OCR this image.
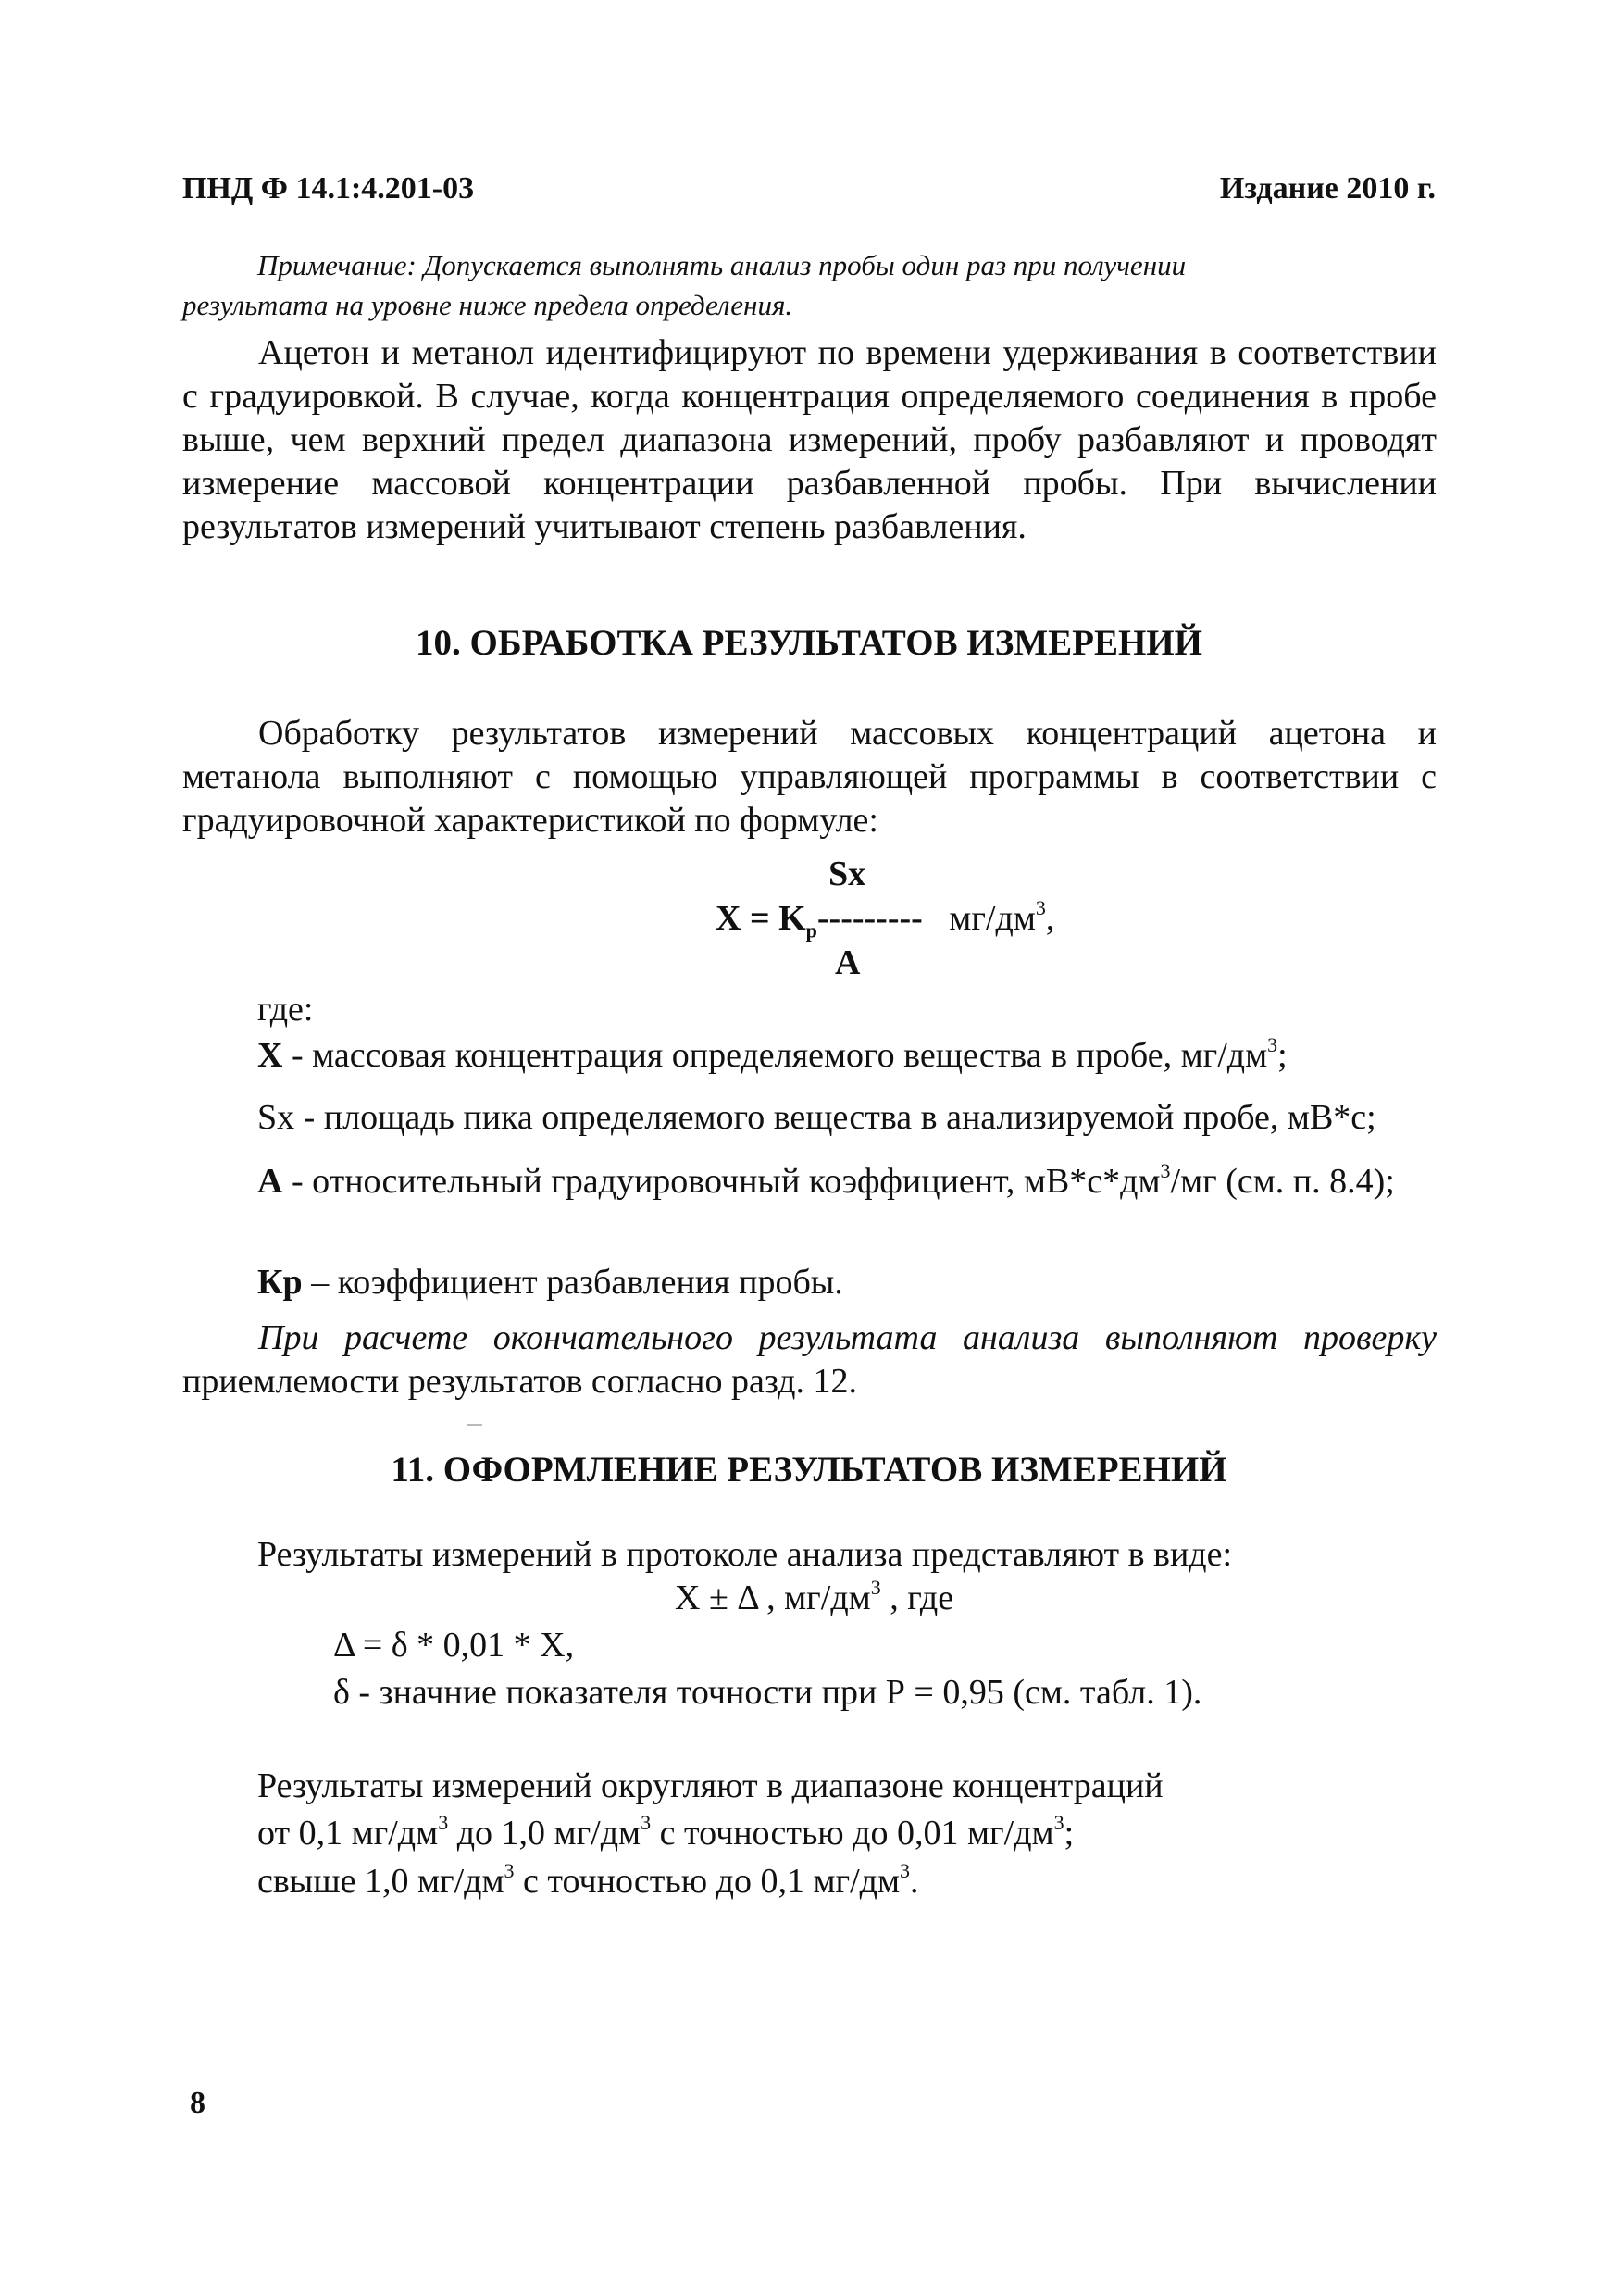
ПНД Ф 14.1:4.201-03	Издание 2010 г.
Примечание: Допускается выполнять анализ пробы один раз при получении
результата на уровне ниже предела определения.
Ацетон и метанол идентифицируют по времени удерживания в соответствии с градуировкой. В случае, когда концентрация определяемого соединения в пробе выше, чем верхний предел диапазона измерений, пробу разбавляют и проводят измерение массовой концентрации разбавленной пробы. При вычислении результатов измерений учитывают степень разбавления.
10. ОБРАБОТКА РЕЗУЛЬТАТОВ ИЗМЕРЕНИЙ
Обработку результатов измерений массовых концентраций ацетона и метанола выполняют с помощью управляющей программы в соответствии с градуировочной характеристикой по формуле:
Sx
$X = K_р---------$ $мг/дм^3$,
A
где:
X - массовая концентрация определяемого вещества в пробе, $мг/дм^3$;
Sx - площадь пика определяемого вещества в анализируемой пробе, мВ*с;
A - относительный градуировочный коэффициент, $мВ*с*дм^3/мг$ (см. п. 8.4);
Кр – коэффициент разбавления пробы.
При расчете окончательного результата анализа выполняют проверку приемлемости результатов согласно разд. 12.
11. ОФОРМЛЕНИЕ РЕЗУЛЬТАТОВ ИЗМЕРЕНИЙ
Результаты измерений в протоколе анализа представляют в виде:
X ± Δ , $мг/дм^3$ , где
Δ = δ * 0,01 * X,
δ - значние показателя точности при Р = 0,95 (см. табл. 1).
Результаты измерений округляют в диапазоне концентраций
от 0,1 $мг/дм^3$ до 1,0 $мг/дм^3$ с точностью до 0,01 $мг/дм^3$;
свыше 1,0 $мг/дм^3$ с точностью до 0,1 $мг/дм^3$.
8
